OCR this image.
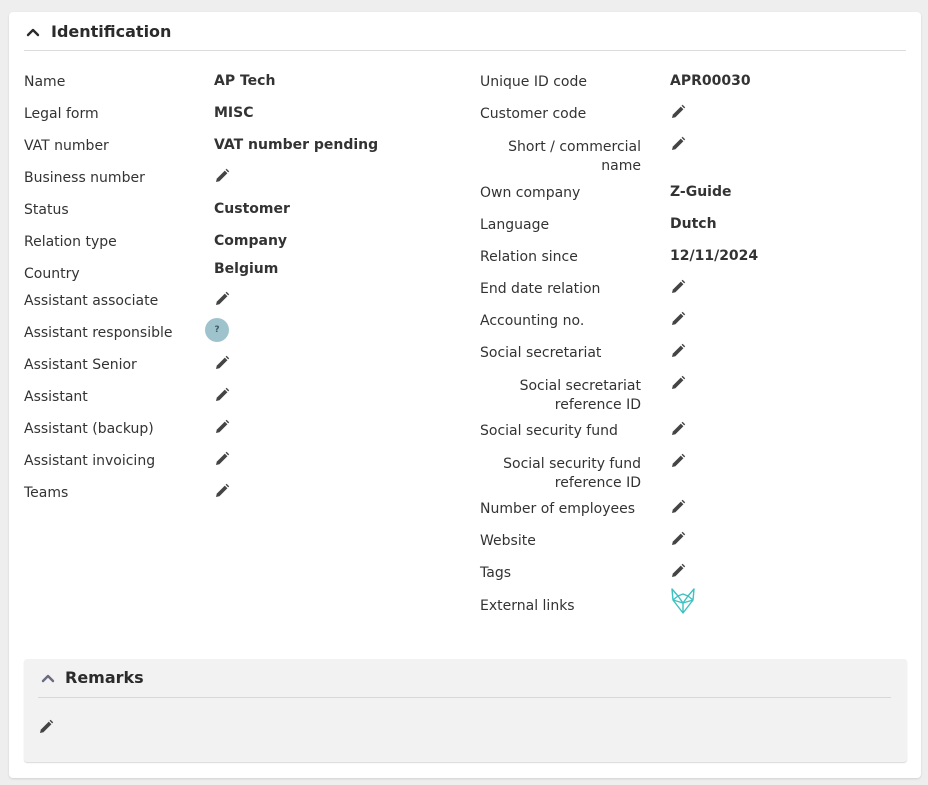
Identification
Name	AP Tech
Legal form	MISC
VAT number	VAT number pending
Business number
Status	Customer
Relation type	Company
Country	Belgium
Assistant associate
Assistant responsible	?
Assistant Senior
Assistant
Assistant (backup)
Assistant invoicing
Teams
Unique ID code	APR00030
Customer code
Short / commercial name
Own company	Z-Guide
Language	Dutch
Relation since	12/11/2024
End date relation
Accounting no.
Social secretariat
Social secretariat reference ID
Social security fund
Social security fund reference ID
Number of employees
Website
Tags
External links
Remarks
